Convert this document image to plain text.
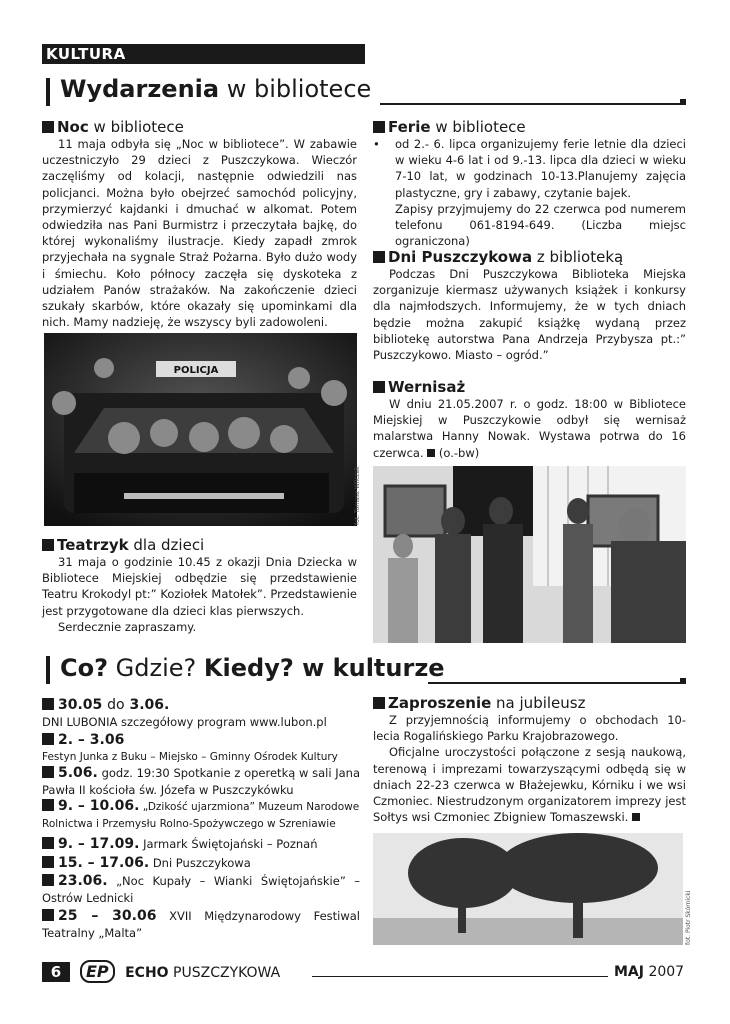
KULTURA
Wydarzenia w bibliotece
Noc w bibliotece

11 maja odbyła się „Noc w bibliotece”. W zabawie uczestniczyło 29 dzieci z Puszczykowa. Wieczór zaczęliśmy od kolacji, następnie odwiedzili nas policjanci. Można było obejrzeć samochód policyjny, przymierzyć kajdanki i dmuchać w alkomat. Potem odwiedziła nas Pani Burmistrz i przeczytała bajkę, do której wykonaliśmy ilustracje. Kiedy zapadł zmrok przyjechała na sygnale Straż Pożarna. Było dużo wody i śmiechu. Koło północy zaczęła się dyskoteka z udziałem Panów strażaków. Na zakończenie dzieci szukały skarbów, które okazały się upominkami dla nich. Mamy nadzieję, że wszyscy byli zadowoleni.

POLICJA
fot. Tomasz Wilczak
Teatrzyk dla dzieci

31 maja o godzinie 10.45 z okazji Dnia Dziecka w Bibliotece Miejskiej odbędzie się przedstawienie Teatru Krokodyl pt:” Koziołek Matołek”. Przedstawienie jest przygotowane dla dzieci klas pierwszych.

Serdecznie zapraszamy.

Ferie w bibliotece
•	od 2.- 6. lipca organizujemy ferie letnie dla dzieci w wieku 4-6 lat i od 9.-13. lipca dla dzieci w wieku 7-10 lat, w godzinach 10-13.Planujemy zajęcia plastyczne, gry i zabawy, czytanie bajek.
Zapisy przyjmujemy do 22 czerwca pod numerem telefonu 061-8194-649. (Liczba miejsc ograniczona)
Dni Puszczykowa z biblioteką

Podczas Dni Puszczykowa Biblioteka Miejska zorganizuje kiermasz używanych książek i konkursy dla najmłodszych. Informujemy, że w tych dniach będzie można zakupić książkę wydaną przez bibliotekę autorstwa Pana Andrzeja Przybysza pt.:” Puszczykowo. Miasto – ogród.”

Wernisaż

W dniu 21.05.2007 r. o godz. 18:00 w Bibliotece Miejskiej w Puszczykowie odbył się wernisaż malarstwa Hanny Nowak. Wystawa potrwa do 16 czerwca. (o.-bw)

Co? Gdzie? Kiedy? w kulturze
30.05 do 3.06.
DNI LUBONIA szczegółowy program www.lubon.pl
2. – 3.06
Festyn Junka z Buku – Miejsko – Gminny Ośrodek Kultury
5.06. godz. 19:30 Spotkanie z operetką w sali Jana Pawła II kościoła św. Józefa w Puszczykówku
9. – 10.06. „Dzikość ujarzmiona” Muzeum Narodowe Rolnictwa i Przemysłu Rolno-Spożywczego w Szreniawie
9. – 17.09. Jarmark Świętojański – Poznań
15. – 17.06. Dni Puszczykowa
23.06. „Noc Kupały – Wianki Świętojańskie” – Ostrów Lednicki
25 – 30.06 XVII Międzynarodowy Festiwal Teatralny „Malta”
Zaproszenie na jubileusz

Z przyjemnością informujemy o obchodach 10-lecia Rogalińskiego Parku Krajobrazowego.

Oficjalne uroczystości połączone z sesją naukową, terenową i imprezami towarzyszącymi odbędą się w dniach 22-23 czerwca w Błażejewku, Kórniku i we wsi Czmoniec. Niestrudzonym organizatorem imprezy jest Sołtys wsi Czmoniec Zbigniew Tomaszewski.

fot. Piotr Skórnicki
6	EP ECHO PUSZCZYKOWA	MAJ 2007
